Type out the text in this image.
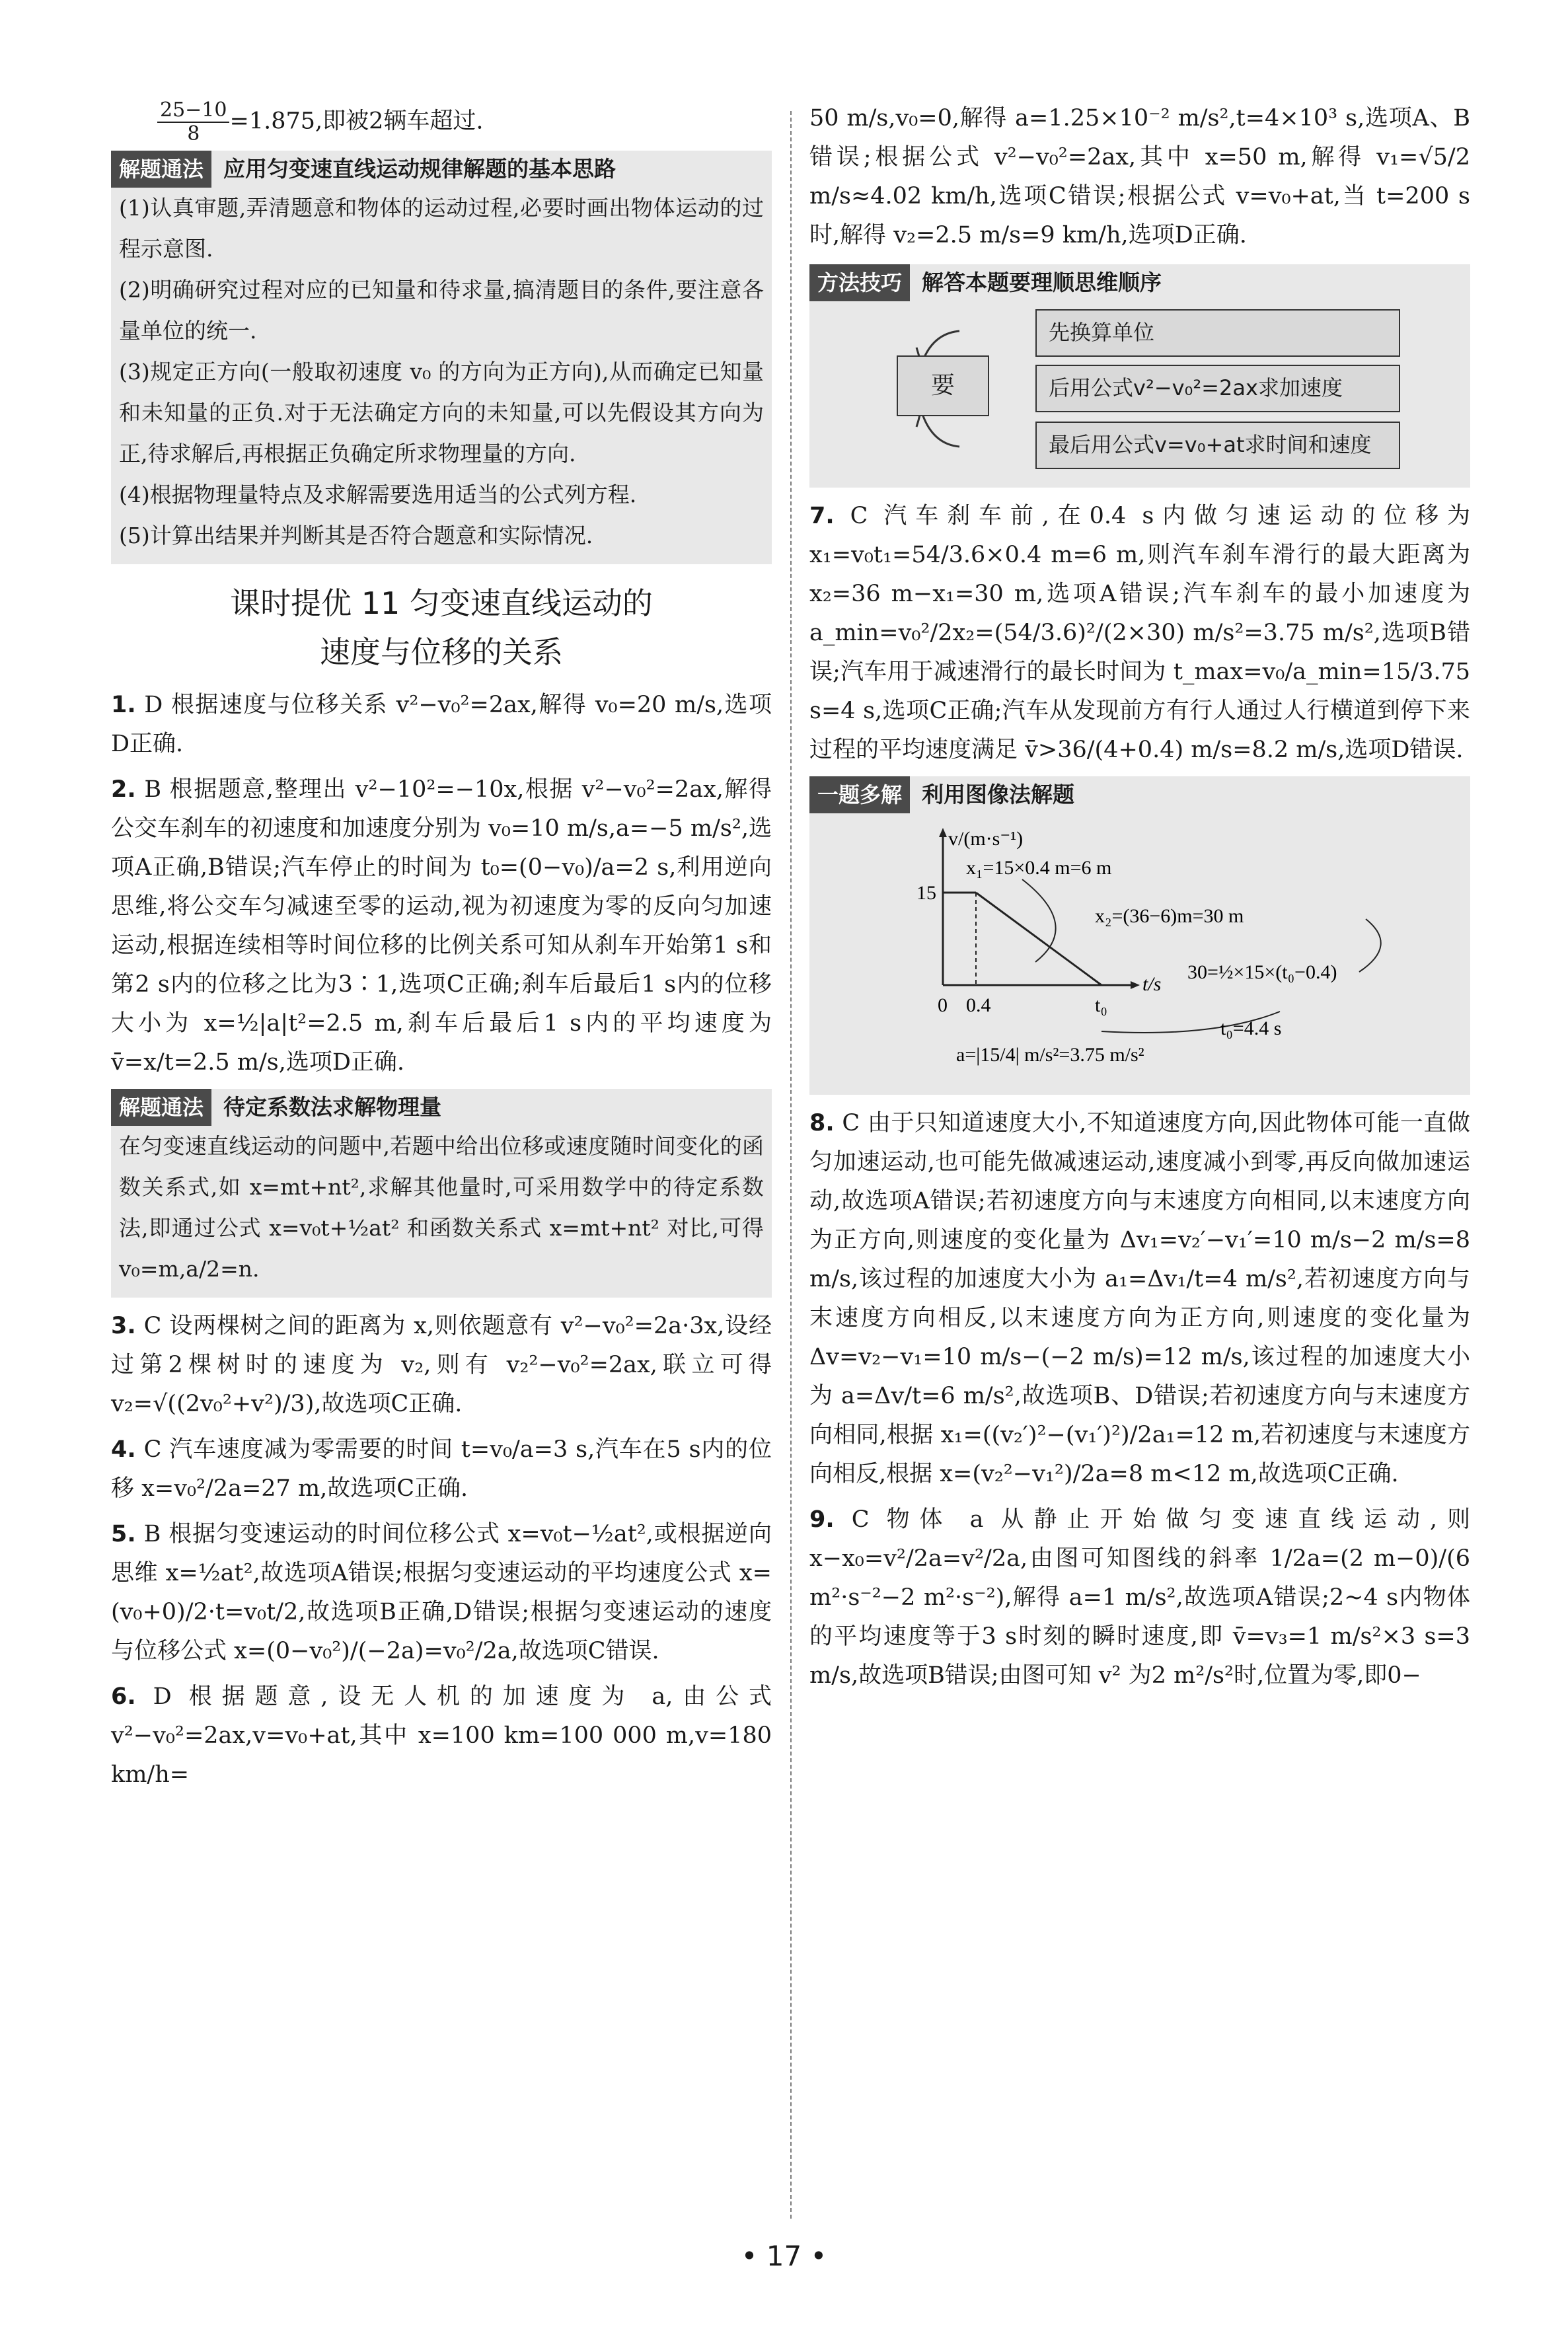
$\frac{25-10}{8} =1.875$,即被2辆车超过.

解题通法 应用匀变速直线运动规律解题的基本思路

(1)认真审题,弄清题意和物体的运动过程,必要时画出物体运动的过程示意图.

(2)明确研究过程对应的已知量和待求量,搞清题目的条件,要注意各量单位的统一.

(3)规定正方向(一般取初速度 v₀ 的方向为正方向),从而确定已知量和未知量的正负.对于无法确定方向的未知量,可以先假设其方向为正,待求解后,再根据正负确定所求物理量的方向.

(4)根据物理量特点及求解需要选用适当的公式列方程.

(5)计算出结果并判断其是否符合题意和实际情况.

课时提优 11 匀变速直线运动的
速度与位移的关系

1. D 根据速度与位移关系 v²−v₀²=2ax,解得 v₀=20 m/s,选项D正确.

2. B 根据题意,整理出 v²−10²=−10x,根据 v²−v₀²=2ax,解得公交车刹车的初速度和加速度分别为 v₀=10 m/s,a=−5 m/s²,选项A正确,B错误;汽车停止的时间为 t₀=(0−v₀)/a=2 s,利用逆向思维,将公交车匀减速至零的运动,视为初速度为零的反向匀加速运动,根据连续相等时间位移的比例关系可知从刹车开始第1 s和第2 s内的位移之比为3∶1,选项C正确;刹车后最后1 s内的位移大小为 x=½|a|t²=2.5 m,刹车后最后1 s内的平均速度为 v̄=x/t=2.5 m/s,选项D正确.

解题通法 待定系数法求解物理量

在匀变速直线运动的问题中,若题中给出位移或速度随时间变化的函数关系式,如 x=mt+nt²,求解其他量时,可采用数学中的待定系数法,即通过公式 x=v₀t+½at² 和函数关系式 x=mt+nt² 对比,可得 v₀=m,a/2=n.

3. C 设两棵树之间的距离为 x,则依题意有 v²−v₀²=2a·3x,设经过第2棵树时的速度为 v₂,则有 v₂²−v₀²=2ax,联立可得 v₂=√((2v₀²+v²)/3),故选项C正确.

4. C 汽车速度减为零需要的时间 t=v₀/a=3 s,汽车在5 s内的位移 x=v₀²/2a=27 m,故选项C正确.

5. B 根据匀变速运动的时间位移公式 x=v₀t−½at²,或根据逆向思维 x=½at²,故选项A错误;根据匀变速运动的平均速度公式 x=(v₀+0)/2·t=v₀t/2,故选项B正确,D错误;根据匀变速运动的速度与位移公式 x=(0−v₀²)/(−2a)=v₀²/2a,故选项C错误.

6. D 根据题意,设无人机的加速度为 a,由公式 v²−v₀²=2ax,v=v₀+at,其中 x=100 km=100 000 m,v=180 km/h=

50 m/s,v₀=0,解得 a=1.25×10⁻² m/s²,t=4×10³ s,选项A、B错误;根据公式 v²−v₀²=2ax,其中 x=50 m,解得 v₁=√5/2 m/s≈4.02 km/h,选项C错误;根据公式 v=v₀+at,当 t=200 s时,解得 v₂=2.5 m/s=9 km/h,选项D正确.

方法技巧 解答本题要理顺思维顺序
要
先换算单位
后用公式v²−v₀²=2ax求加速度
最后用公式v=v₀+at求时间和速度

7. C 汽车刹车前,在0.4 s内做匀速运动的位移为 x₁=v₀t₁=54/3.6×0.4 m=6 m,则汽车刹车滑行的最大距离为 x₂=36 m−x₁=30 m,选项A错误;汽车刹车的最小加速度为 a_min=v₀²/2x₂=(54/3.6)²/(2×30) m/s²=3.75 m/s²,选项B错误;汽车用于减速滑行的最长时间为 t_max=v₀/a_min=15/3.75 s=4 s,选项C正确;汽车从发现前方有行人通过人行横道到停下来过程的平均速度满足 v̄>36/(4+0.4) m/s=8.2 m/s,选项D错误.

一题多解 利用图像法解题
v/(m·s⁻¹)
15
0 0.4	t₀
t/s
x₁=15×0.4 m=6 m
x₂=(36−6)m=30 m
30=½×15×(t₀−0.4)
t₀=4.4 s
a=|15/4| m/s²=3.75 m/s²

8. C 由于只知道速度大小,不知道速度方向,因此物体可能一直做匀加速运动,也可能先做减速运动,速度减小到零,再反向做加速运动,故选项A错误;若初速度方向与末速度方向相同,以末速度方向为正方向,则速度的变化量为 Δv₁=v₂′−v₁′=10 m/s−2 m/s=8 m/s,该过程的加速度大小为 a₁=Δv₁/t=4 m/s²,若初速度方向与末速度方向相反,以末速度方向为正方向,则速度的变化量为 Δv=v₂−v₁=10 m/s−(−2 m/s)=12 m/s,该过程的加速度大小为 a=Δv/t=6 m/s²,故选项B、D错误;若初速度方向与末速度方向相同,根据 x₁=((v₂′)²−(v₁′)²)/2a₁=12 m,若初速度与末速度方向相反,根据 x=(v₂²−v₁²)/2a=8 m<12 m,故选项C正确.

9. C 物体 a 从静止开始做匀变速直线运动,则 x−x₀=v²/2a=v²/2a,由图可知图线的斜率 1/2a=(2 m−0)/(6 m²·s⁻²−2 m²·s⁻²),解得 a=1 m/s²,故选项A错误;2~4 s内物体的平均速度等于3 s时刻的瞬时速度,即 v̄=v₃=1 m/s²×3 s=3 m/s,故选项B错误;由图可知 v² 为2 m²/s²时,位置为零,即0−

• 17 •
